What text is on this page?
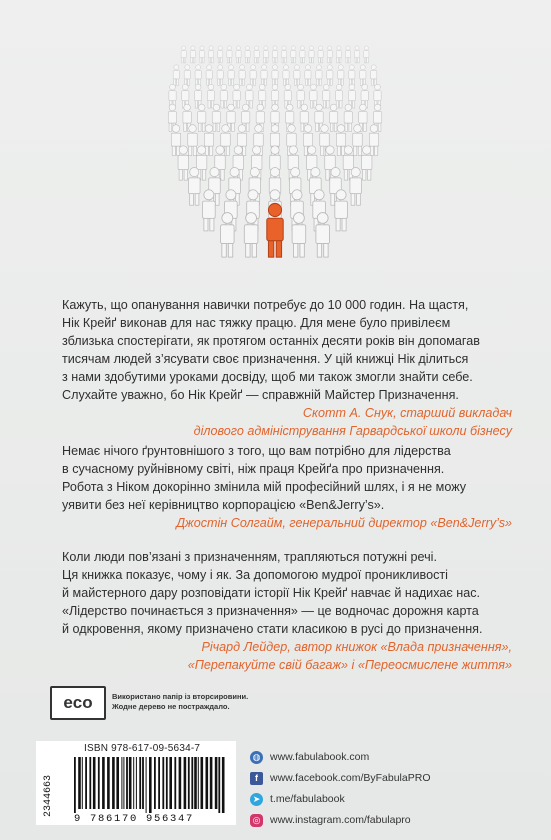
Кажуть, що опанування навички потребує до 10 000 годин. На щастя,

Нік Крейґ виконав для нас тяжку працю. Для мене було привілеєм

зблизька спостерігати, як протягом останніх десяти років він допомагав

тисячам людей з’ясувати своє призначення. У цій книжці Нік ділиться

з нами здобутими уроками досвіду, щоб ми також змогли знайти себе.

Слухайте уважно, бо Нік Крейґ — справжній Майстер Призначення.

Скотт А. Снук, старший викладач
ділового адміністрування Гарвардської школи бізнесу

Немає нічого ґрунтовнішого з того, що вам потрібно для лідерства

в сучасному руйнівному світі, ніж праця Крейґа про призначення.

Робота з Ніком докорінно змінила мій професійний шлях, і я не можу

уявити без неї керівництво корпорацією «Ben&Jerry’s».

Джостін Солгайм, генеральний директор «Ben&Jerry’s»

Коли люди пов’язані з призначенням, трапляються потужні речі.

Ця книжка показує, чому і як. За допомогою мудрої проникливості

й майстерного дару розповідати історії Нік Крейґ навчає й надихає нас.

«Лідерство починається з призначення» — це водночас дорожня карта

й одкровення, якому призначено стати класикою в русі до призначення.

Річард Лейдер, автор книжок «Влада призначення»,
«Перепакуйте свій багаж» і «Переосмислене життя»
eco	Використано папір із вторсировини.
Жодне дерево не постраждало.
ISBN 978-617-09-5634-7
2344663
9 786170 956347
◍ www.fabulabook.com
f	www.facebook.com/ByFabulaPRO
➤ t.me/fabulabook
◎ www.instagram.com/fabulapro
